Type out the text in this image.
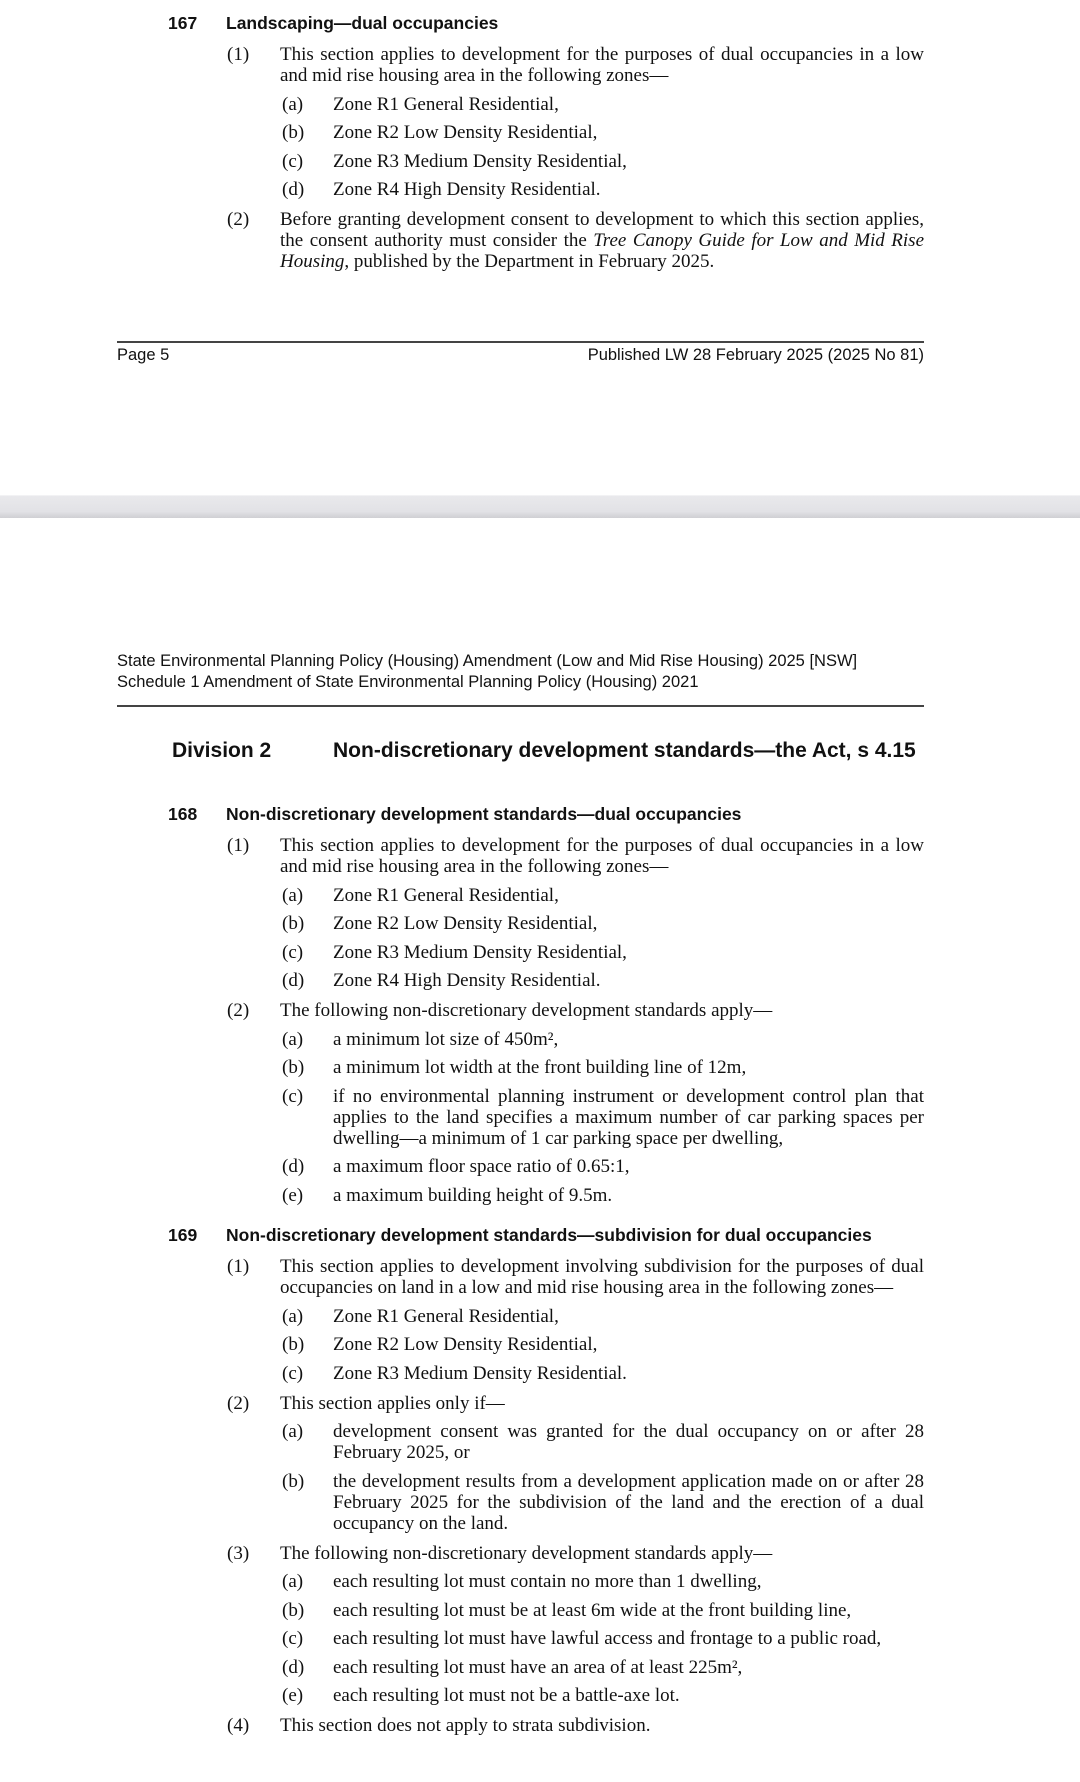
167 Landscaping—dual occupancies
(1) This section applies to development for the purposes of dual occupancies in a low and mid rise housing area in the following zones—
(a) Zone R1 General Residential,
(b) Zone R2 Low Density Residential,
(c) Zone R3 Medium Density Residential,
(d) Zone R4 High Density Residential.
(2) Before granting development consent to development to which this section applies, the consent authority must consider the Tree Canopy Guide for Low and Mid Rise Housing, published by the Department in February 2025.
Page 5	Published LW 28 February 2025 (2025 No 81)
State Environmental Planning Policy (Housing) Amendment (Low and Mid Rise Housing) 2025 [NSW]
Schedule 1 Amendment of State Environmental Planning Policy (Housing) 2021
Division 2	Non-discretionary development standards—the Act, s 4.15
168 Non-discretionary development standards—dual occupancies
(1) This section applies to development for the purposes of dual occupancies in a low and mid rise housing area in the following zones—
(a) Zone R1 General Residential,
(b) Zone R2 Low Density Residential,
(c) Zone R3 Medium Density Residential,
(d) Zone R4 High Density Residential.
(2) The following non-discretionary development standards apply—
(a) a minimum lot size of 450m²,
(b) a minimum lot width at the front building line of 12m,
(c) if no environmental planning instrument or development control plan that applies to the land specifies a maximum number of car parking spaces per dwelling—a minimum of 1 car parking space per dwelling,
(d) a maximum floor space ratio of 0.65:1,
(e) a maximum building height of 9.5m.
169 Non-discretionary development standards—subdivision for dual occupancies
(1) This section applies to development involving subdivision for the purposes of dual occupancies on land in a low and mid rise housing area in the following zones—
(a) Zone R1 General Residential,
(b) Zone R2 Low Density Residential,
(c) Zone R3 Medium Density Residential.
(2) This section applies only if—
(a) development consent was granted for the dual occupancy on or after 28 February 2025, or
(b) the development results from a development application made on or after 28 February 2025 for the subdivision of the land and the erection of a dual occupancy on the land.
(3) The following non-discretionary development standards apply—
(a) each resulting lot must contain no more than 1 dwelling,
(b) each resulting lot must be at least 6m wide at the front building line,
(c) each resulting lot must have lawful access and frontage to a public road,
(d) each resulting lot must have an area of at least 225m²,
(e) each resulting lot must not be a battle-axe lot.
(4) This section does not apply to strata subdivision.
